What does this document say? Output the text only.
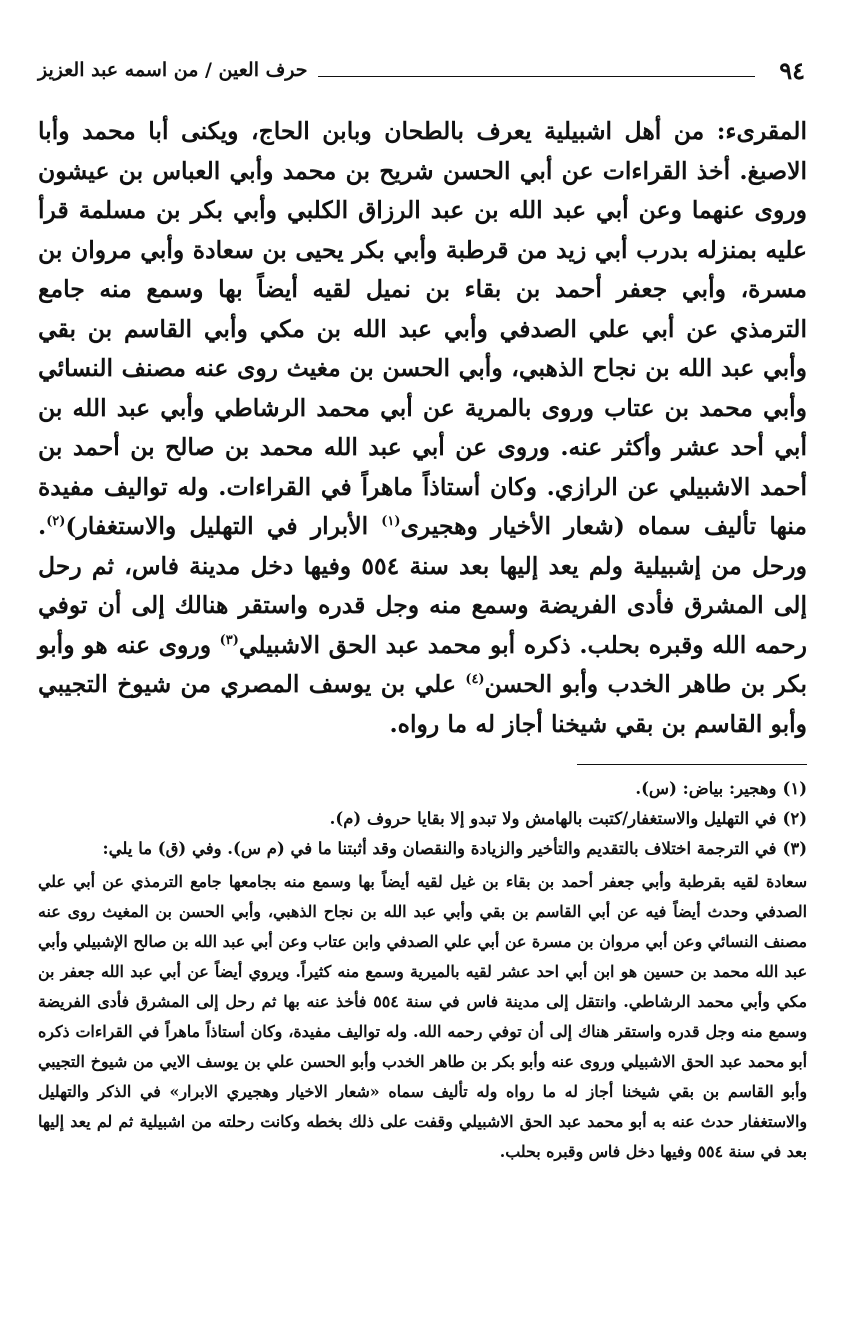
٩٤
حرف العين / من اسمه عبد العزيز

المقرىء: من أهل اشبيلية يعرف بالطحان وبابن الحاج، ويكنى أبا محمد وأبا الاصبغ. أخذ القراءات عن أبي الحسن شريح بن محمد وأبي العباس بن عيشون وروى عنهما وعن أبي عبد الله بن عبد الرزاق الكلبي وأبي بكر بن مسلمة قرأ عليه بمنزله بدرب أبي زيد من قرطبة وأبي بكر يحيى بن سعادة وأبي مروان بن مسرة، وأبي جعفر أحمد بن بقاء بن نميل لقيه أيضاً بها وسمع منه جامع الترمذي عن أبي علي الصدفي وأبي عبد الله بن مكي وأبي القاسم بن بقي وأبي عبد الله بن نجاح الذهبي، وأبي الحسن بن مغيث روى عنه مصنف النسائي وأبي محمد بن عتاب وروى بالمرية عن أبي محمد الرشاطي وأبي عبد الله بن أبي أحد عشر وأكثر عنه. وروى عن أبي عبد الله محمد بن صالح بن أحمد بن أحمد الاشبيلي عن الرازي. وكان أستاذاً ماهراً في القراءات. وله تواليف مفيدة منها تأليف سماه (شعار الأخيار وهجيرى$^{(١)}$ الأبرار في التهليل والاستغفار)$^{(٢)}$. ورحل من إشبيلية ولم يعد إليها بعد سنة ٥٥٤ وفيها دخل مدينة فاس، ثم رحل إلى المشرق فأدى الفريضة وسمع منه وجل قدره واستقر هنالك إلى أن توفي رحمه الله وقبره بحلب. ذكره أبو محمد عبد الحق الاشبيلي$^{(٣)}$ وروى عنه هو وأبو بكر بن طاهر الخدب وأبو الحسن$^{(٤)}$ علي بن يوسف المصري من شيوخ التجيبي وأبو القاسم بن بقي شيخنا أجاز له ما رواه.

(١)وهجير: بياض: (س).
(٢)في التهليل والاستغفار/كتبت بالهامش ولا تبدو إلا بقايا حروف (م).
(٣)في الترجمة اختلاف بالتقديم والتأخير والزيادة والنقصان وقد أثبتنا ما في (م س). وفي (ق) ما يلي:
سعادة لقيه بقرطبة وأبي جعفر أحمد بن بقاء بن غيل لقيه أيضاً بها وسمع منه بجامعها جامع الترمذي عن أبي علي الصدفي وحدث أيضاً فيه عن أبي القاسم بن بقي وأبي عبد الله بن نجاح الذهبي، وأبي الحسن بن المغيث روى عنه مصنف النسائي وعن أبي مروان بن مسرة عن أبي علي الصدفي وابن عتاب وعن أبي عبد الله بن صالح الإشبيلي وأبي عبد الله محمد بن حسين هو ابن أبي احد عشر لقيه بالميرية وسمع منه كثيراً. ويروي أيضاً عن أبي عبد الله جعفر بن مكي وأبي محمد الرشاطي. وانتقل إلى مدينة فاس في سنة ٥٥٤ فأخذ عنه بها ثم رحل إلى المشرق فأدى الفريضة وسمع منه وجل قدره واستقر هناك إلى أن توفي رحمه الله. وله تواليف مفيدة، وكان أستاذاً ماهراً في القراءات ذكره أبو محمد عبد الحق الاشبيلي وروى عنه وأبو بكر بن طاهر الخدب وأبو الحسن علي بن يوسف الايي من شيوخ التجيبي وأبو القاسم بن بقي شيخنا أجاز له ما رواه وله تأليف سماه «شعار الاخيار وهجيري الابرار» في الذكر والتهليل والاستغفار حدث عنه به أبو محمد عبد الحق الاشبيلي وقفت على ذلك بخطه وكانت رحلته من اشبيلية ثم لم يعد إليها بعد في سنة ٥٥٤ وفيها دخل فاس وقبره بحلب.
